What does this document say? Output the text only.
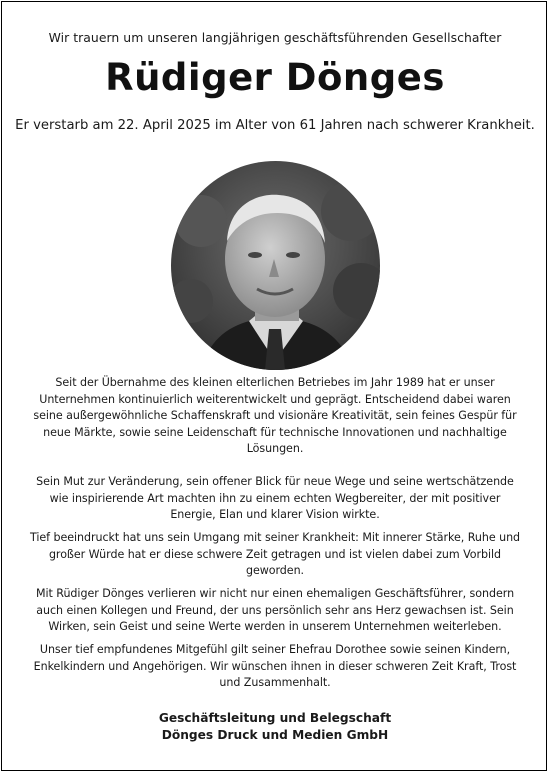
Wir trauern um unseren langjährigen geschäftsführenden Gesellschafter
Rüdiger Dönges
Er verstarb am 22. April 2025 im Alter von 61 Jahren nach schwerer Krankheit.
Seit der Übernahme des kleinen elterlichen Betriebes im Jahr 1989 hat er unser Unternehmen kontinuierlich weiterentwickelt und geprägt. Entscheidend dabei waren seine außergewöhnliche Schaffenskraft und visionäre Kreativität, sein feines Gespür für neue Märkte, sowie seine Leidenschaft für technische Innovationen und nachhaltige Lösungen.
Sein Mut zur Veränderung, sein offener Blick für neue Wege und seine wertschätzende wie inspirierende Art machten ihn zu einem echten Wegbereiter, der mit positiver Energie, Elan und klarer Vision wirkte.
Tief beeindruckt hat uns sein Umgang mit seiner Krankheit: Mit innerer Stärke, Ruhe und großer Würde hat er diese schwere Zeit getragen und ist vielen dabei zum Vorbild geworden.
Mit Rüdiger Dönges verlieren wir nicht nur einen ehemaligen Geschäftsführer, sondern auch einen Kollegen und Freund, der uns persönlich sehr ans Herz gewachsen ist. Sein Wirken, sein Geist und seine Werte werden in unserem Unternehmen weiterleben.
Unser tief empfundenes Mitgefühl gilt seiner Ehefrau Dorothee sowie seinen Kindern, Enkelkindern und Angehörigen. Wir wünschen ihnen in dieser schweren Zeit Kraft, Trost und Zusammenhalt.
Geschäftsleitung und Belegschaft
Dönges Druck und Medien GmbH
